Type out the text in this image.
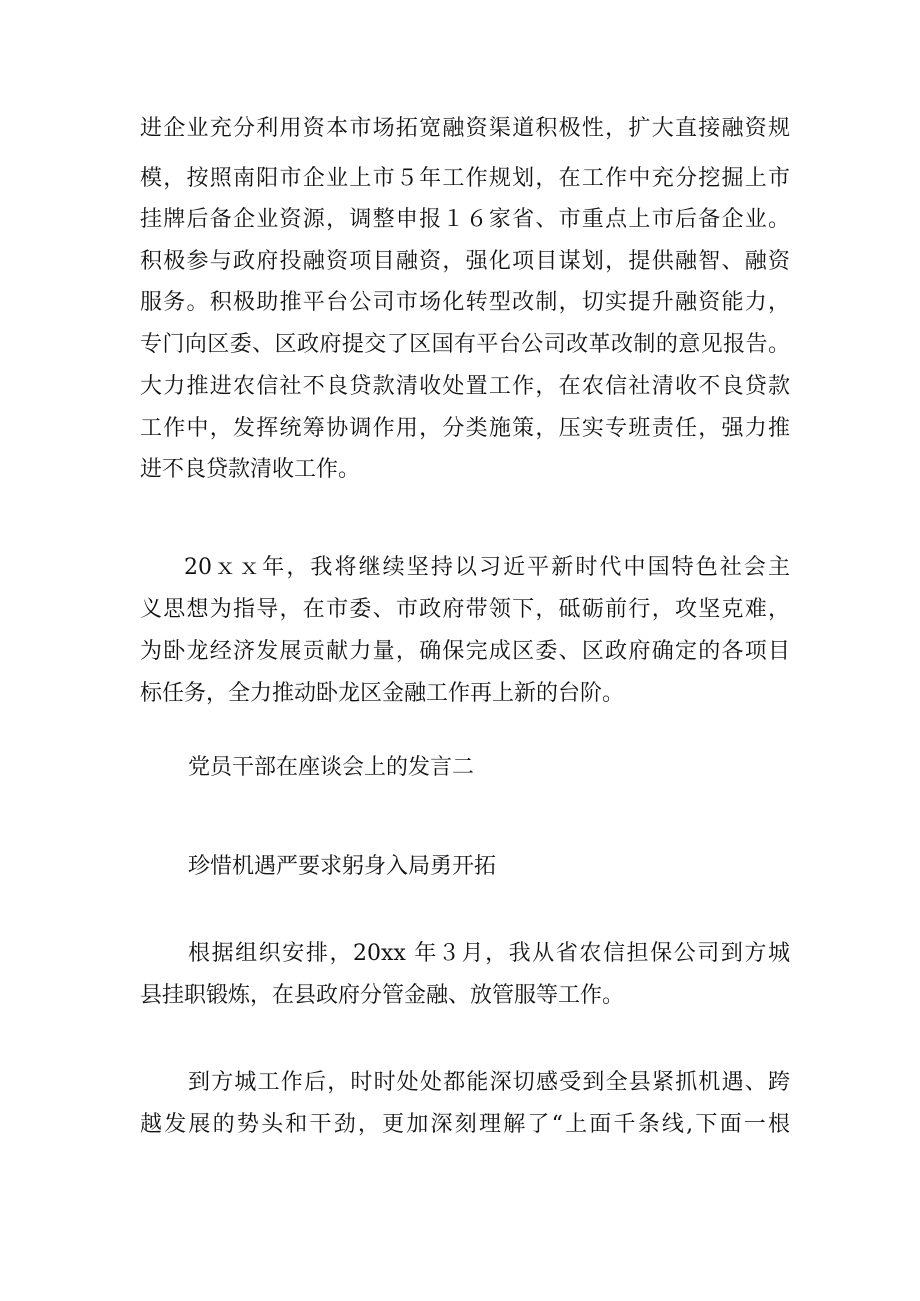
进企业充分利用资本市场拓宽融资渠道积极性，扩大直接融资规

模，按照南阳市企业上市５年工作规划，在工作中充分挖掘上市

挂牌后备企业资源，调整申报１６家省、市重点上市后备企业。

积极参与政府投融资项目融资，强化项目谋划，提供融智、融资

服务。积极助推平台公司市场化转型改制，切实提升融资能力，

专门向区委、区政府提交了区国有平台公司改革改制的意见报告。

大力推进农信社不良贷款清收处置工作，在农信社清收不良贷款

工作中，发挥统筹协调作用，分类施策，压实专班责任，强力推

进不良贷款清收工作。

20ｘｘ年，我将继续坚持以习近平新时代中国特色社会主

义思想为指导，在市委、市政府带领下，砥砺前行，攻坚克难，

为卧龙经济发展贡献力量，确保完成区委、区政府确定的各项目

标任务，全力推动卧龙区金融工作再上新的台阶。

党员干部在座谈会上的发言二

珍惜机遇严要求躬身入局勇开拓

根据组织安排，20xx 年３月，我从省农信担保公司到方城

县挂职锻炼，在县政府分管金融、放管服等工作。

到方城工作后，时时处处都能深切感受到全县紧抓机遇、跨

越发展的势头和干劲，更加深刻理解了“上面千条线,下面一根
